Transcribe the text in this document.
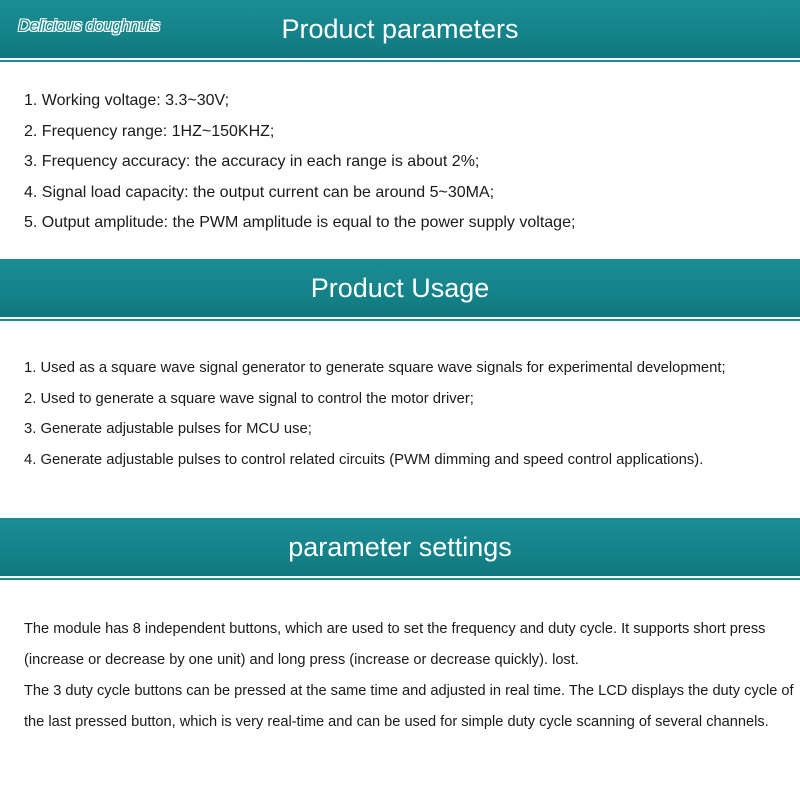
Product parameters
Delicious doughnuts
1. Working voltage: 3.3~30V;
2. Frequency range: 1HZ~150KHZ;
3. Frequency accuracy: the accuracy in each range is about 2%;
4. Signal load capacity: the output current can be around 5~30MA;
5. Output amplitude: the PWM amplitude is equal to the power supply voltage;
Product Usage
1. Used as a square wave signal generator to generate square wave signals for experimental development;
2. Used to generate a square wave signal to control the motor driver;
3. Generate adjustable pulses for MCU use;
4. Generate adjustable pulses to control related circuits (PWM dimming and speed control applications).
parameter settings

The module has 8 independent buttons, which are used to set the frequency and duty cycle. It supports short press (increase or decrease by one unit) and long press (increase or decrease quickly). lost.

The 3 duty cycle buttons can be pressed at the same time and adjusted in real time. The LCD displays the duty cycle of the last pressed button, which is very real-time and can be used for simple duty cycle scanning of several channels.
